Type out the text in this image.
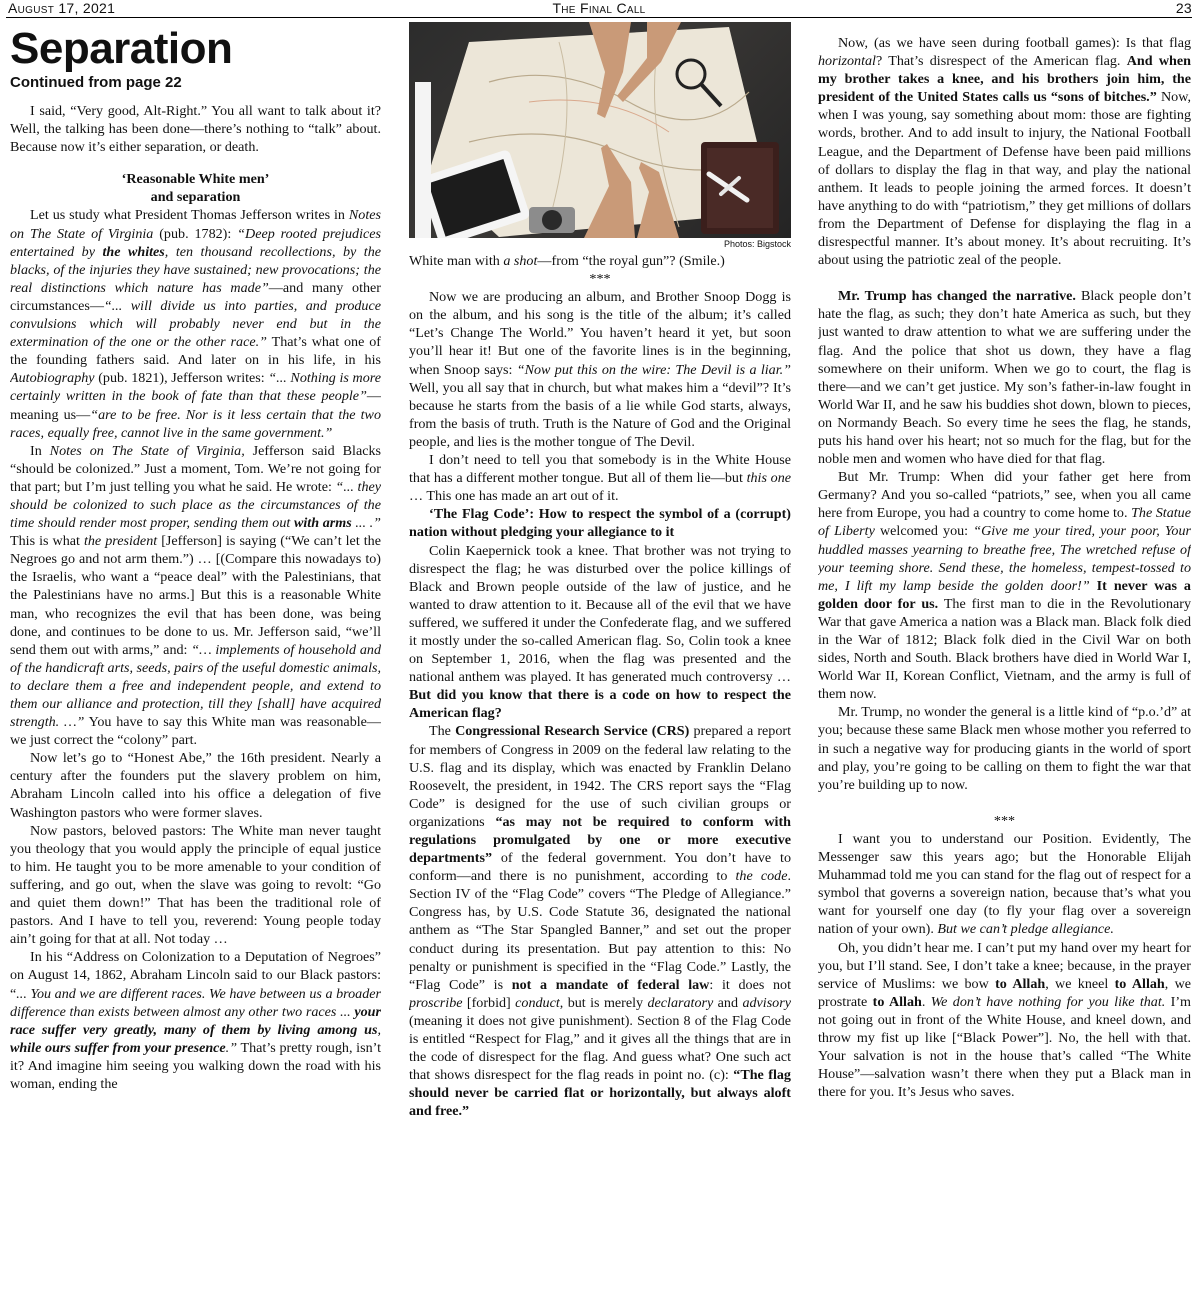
August 17, 2021	The Final Call	23
Separation
Continued from page 22

I said, “Very good, Alt-Right.” You all want to talk about it? Well, the talking has been done—there’s nothing to “talk” about. Because now it’s either separation, or death.

‘Reasonable White men’
and separation

Let us study what President Thomas Jefferson writes in Notes on The State of Virginia (pub. 1782): “Deep rooted prejudices entertained by the whites, ten thousand recollections, by the blacks, of the injuries they have sustained; new provocations; the real distinctions which nature has made”—and many other circumstances—“... will divide us into parties, and produce convulsions which will probably never end but in the extermination of the one or the other race.” That’s what one of the founding fathers said. And later on in his life, in his Autobiography (pub. 1821), Jefferson writes: “... Nothing is more certainly written in the book of fate than that these people”—meaning us—“are to be free. Nor is it less certain that the two races, equally free, cannot live in the same government.”

In Notes on The State of Virginia, Jefferson said Blacks “should be colonized.” Just a moment, Tom. We’re not going for that part; but I’m just telling you what he said. He wrote: “... they should be colonized to such place as the circumstances of the time should render most proper, sending them out with arms ... .” This is what the president [Jefferson] is saying (“We can’t let the Negroes go and not arm them.”) … [(Compare this nowadays to) the Israelis, who want a “peace deal” with the Palestinians, that the Palestinians have no arms.] But this is a reasonable White man, who recognizes the evil that has been done, was being done, and continues to be done to us. Mr. Jefferson said, “we’ll send them out with arms,” and: “… implements of household and of the handicraft arts, seeds, pairs of the useful domestic animals, to declare them a free and independent people, and extend to them our alliance and protection, till they [shall] have acquired strength. …” You have to say this White man was reasonable—we just correct the “colony” part.

Now let’s go to “Honest Abe,” the 16th president. Nearly a century after the founders put the slavery problem on him, Abraham Lincoln called into his office a delegation of five Washington pastors who were former slaves.

Now pastors, beloved pastors: The White man never taught you theology that you would apply the principle of equal justice to him. He taught you to be more amenable to your condition of suffering, and go out, when the slave was going to revolt: “Go and quiet them down!” That has been the traditional role of pastors. And I have to tell you, reverend: Young people today ain’t going for that at all. Not today …

In his “Address on Colonization to a Deputation of Negroes” on August 14, 1862, Abraham Lincoln said to our Black pastors: “... You and we are different races. We have between us a broader difference than exists between almost any other two races ... your race suffer very greatly, many of them by living among us, while ours suffer from your presence.” That’s pretty rough, isn’t it? And imagine him seeing you walking down the road with his woman, ending the

Photos: Bigstock

White man with a shot—from “the royal gun”? (Smile.)

***

Now we are producing an album, and Brother Snoop Dogg is on the album, and his song is the title of the album; it’s called “Let’s Change The World.” You haven’t heard it yet, but soon you’ll hear it! But one of the favorite lines is in the beginning, when Snoop says: “Now put this on the wire: The Devil is a liar.” Well, you all say that in church, but what makes him a “devil”? It’s because he starts from the basis of a lie while God starts, always, from the basis of truth. Truth is the Nature of God and the Original people, and lies is the mother tongue of The Devil.

I don’t need to tell you that somebody is in the White House that has a different mother tongue. But all of them lie—but this one … This one has made an art out of it.

‘The Flag Code’: How to respect the symbol of a (corrupt) nation without pledging your allegiance to it

Colin Kaepernick took a knee. That brother was not trying to disrespect the flag; he was disturbed over the police killings of Black and Brown people outside of the law of justice, and he wanted to draw attention to it. Because all of the evil that we have suffered, we suffered it under the Confederate flag, and we suffered it mostly under the so-called American flag. So, Colin took a knee on September 1, 2016, when the flag was presented and the national anthem was played. It has generated much controversy … But did you know that there is a code on how to respect the American flag?

The Congressional Research Service (CRS) prepared a report for members of Congress in 2009 on the federal law relating to the U.S. flag and its display, which was enacted by Franklin Delano Roosevelt, the president, in 1942. The CRS report says the “Flag Code” is designed for the use of such civilian groups or organizations “as may not be required to conform with regulations promulgated by one or more executive departments” of the federal government. You don’t have to conform—and there is no punishment, according to the code. Section IV of the “Flag Code” covers “The Pledge of Allegiance.” Congress has, by U.S. Code Statute 36, designated the national anthem as “The Star Spangled Banner,” and set out the proper conduct during its presentation. But pay attention to this: No penalty or punishment is specified in the “Flag Code.” Lastly, the “Flag Code” is not a mandate of federal law: it does not proscribe [forbid] conduct, but is merely declaratory and advisory (meaning it does not give punishment). Section 8 of the Flag Code is entitled “Respect for Flag,” and it gives all the things that are in the code of disrespect for the flag. And guess what? One such act that shows disrespect for the flag reads in point no. (c): “The flag should never be carried flat or horizontally, but always aloft and free.”

Now, (as we have seen during football games): Is that flag horizontal? That’s disrespect of the American flag. And when my brother takes a knee, and his brothers join him, the president of the United States calls us “sons of bitches.” Now, when I was young, say something about mom: those are fighting words, brother. And to add insult to injury, the National Football League, and the Department of Defense have been paid millions of dollars to display the flag in that way, and play the national anthem. It leads to people joining the armed forces. It doesn’t have anything to do with “patriotism,” they get millions of dollars from the Department of Defense for displaying the flag in a disrespectful manner. It’s about money. It’s about recruiting. It’s about using the patriotic zeal of the people.

Mr. Trump has changed the narrative. Black people don’t hate the flag, as such; they don’t hate America as such, but they just wanted to draw attention to what we are suffering under the flag. And the police that shot us down, they have a flag somewhere on their uniform. When we go to court, the flag is there—and we can’t get justice. My son’s father-in-law fought in World War II, and he saw his buddies shot down, blown to pieces, on Normandy Beach. So every time he sees the flag, he stands, puts his hand over his heart; not so much for the flag, but for the noble men and women who have died for that flag.

But Mr. Trump: When did your father get here from Germany? And you so-called “patriots,” see, when you all came here from Europe, you had a country to come home to. The Statue of Liberty welcomed you: “Give me your tired, your poor, Your huddled masses yearning to breathe free, The wretched refuse of your teeming shore. Send these, the homeless, tempest-tossed to me, I lift my lamp beside the golden door!” It never was a golden door for us. The first man to die in the Revolutionary War that gave America a nation was a Black man. Black folk died in the War of 1812; Black folk died in the Civil War on both sides, North and South. Black brothers have died in World War I, World War II, Korean Conflict, Vietnam, and the army is full of them now.

Mr. Trump, no wonder the general is a little kind of “p.o.’d” at you; because these same Black men whose mother you referred to in such a negative way for producing giants in the world of sport and play, you’re going to be calling on them to fight the war that you’re building up to now.

***

I want you to understand our Position. Evidently, The Messenger saw this years ago; but the Honorable Elijah Muhammad told me you can stand for the flag out of respect for a symbol that governs a sovereign nation, because that’s what you want for yourself one day (to fly your flag over a sovereign nation of your own). But we can’t pledge allegiance.

Oh, you didn’t hear me. I can’t put my hand over my heart for you, but I’ll stand. See, I don’t take a knee; because, in the prayer service of Muslims: we bow to Allah, we kneel to Allah, we prostrate to Allah. We don’t have nothing for you like that. I’m not going out in front of the White House, and kneel down, and throw my fist up like [“Black Power”]. No, the hell with that. Your salvation is not in the house that’s called “The White House”—salvation wasn’t there when they put a Black man in there for you. It’s Jesus who saves.
